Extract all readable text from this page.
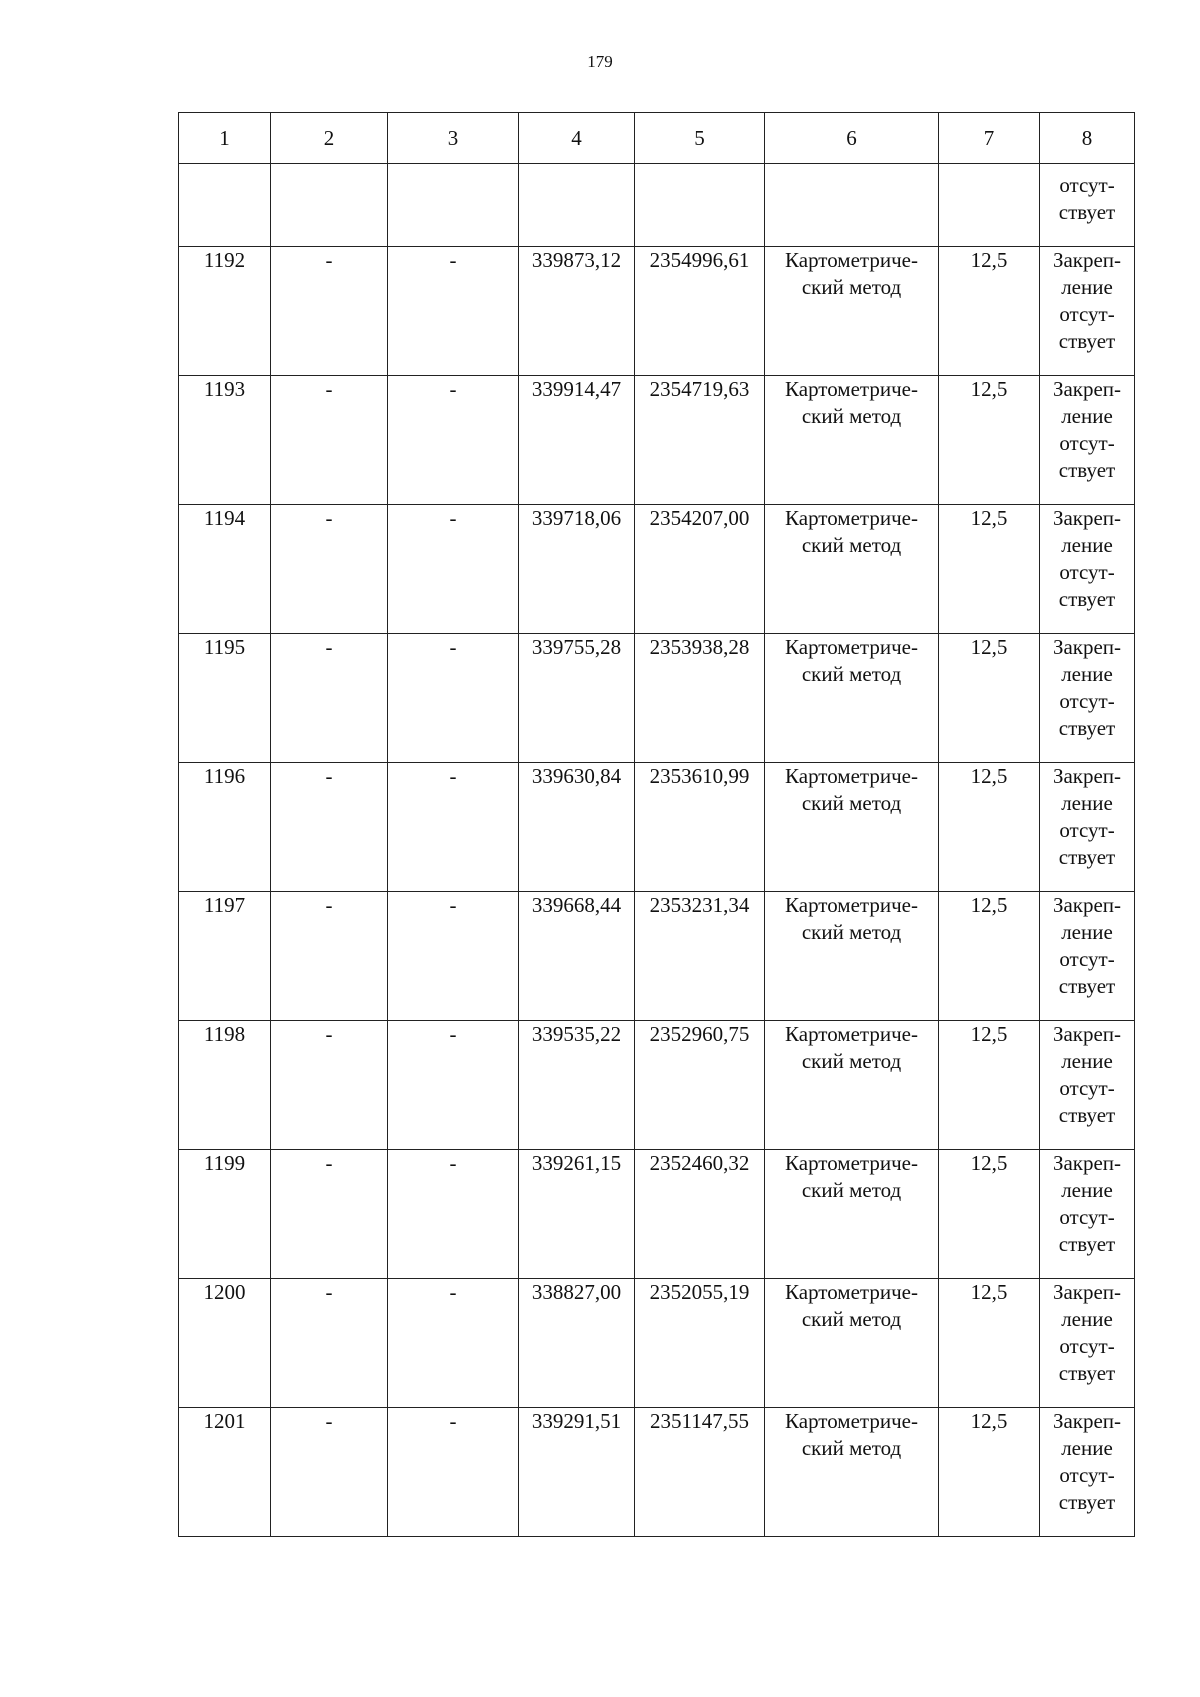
179
1	2	3	4	5	6	7	8

							отсут-
ствует

1192	-	-	339873,12	2354996,61	Картометриче-
ский метод	12,5	Закреп-
ление
отсут-
ствует

1193	-	-	339914,47	2354719,63	Картометриче-
ский метод	12,5	Закреп-
ление
отсут-
ствует

1194	-	-	339718,06	2354207,00	Картометриче-
ский метод	12,5	Закреп-
ление
отсут-
ствует

1195	-	-	339755,28	2353938,28	Картометриче-
ский метод	12,5	Закреп-
ление
отсут-
ствует

1196	-	-	339630,84	2353610,99	Картометриче-
ский метод	12,5	Закреп-
ление
отсут-
ствует

1197	-	-	339668,44	2353231,34	Картометриче-
ский метод	12,5	Закреп-
ление
отсут-
ствует

1198	-	-	339535,22	2352960,75	Картометриче-
ский метод	12,5	Закреп-
ление
отсут-
ствует

1199	-	-	339261,15	2352460,32	Картометриче-
ский метод	12,5	Закреп-
ление
отсут-
ствует

1200	-	-	338827,00	2352055,19	Картометриче-
ский метод	12,5	Закреп-
ление
отсут-
ствует

1201	-	-	339291,51	2351147,55	Картометриче-
ский метод	12,5	Закреп-
ление
отсут-
ствует
